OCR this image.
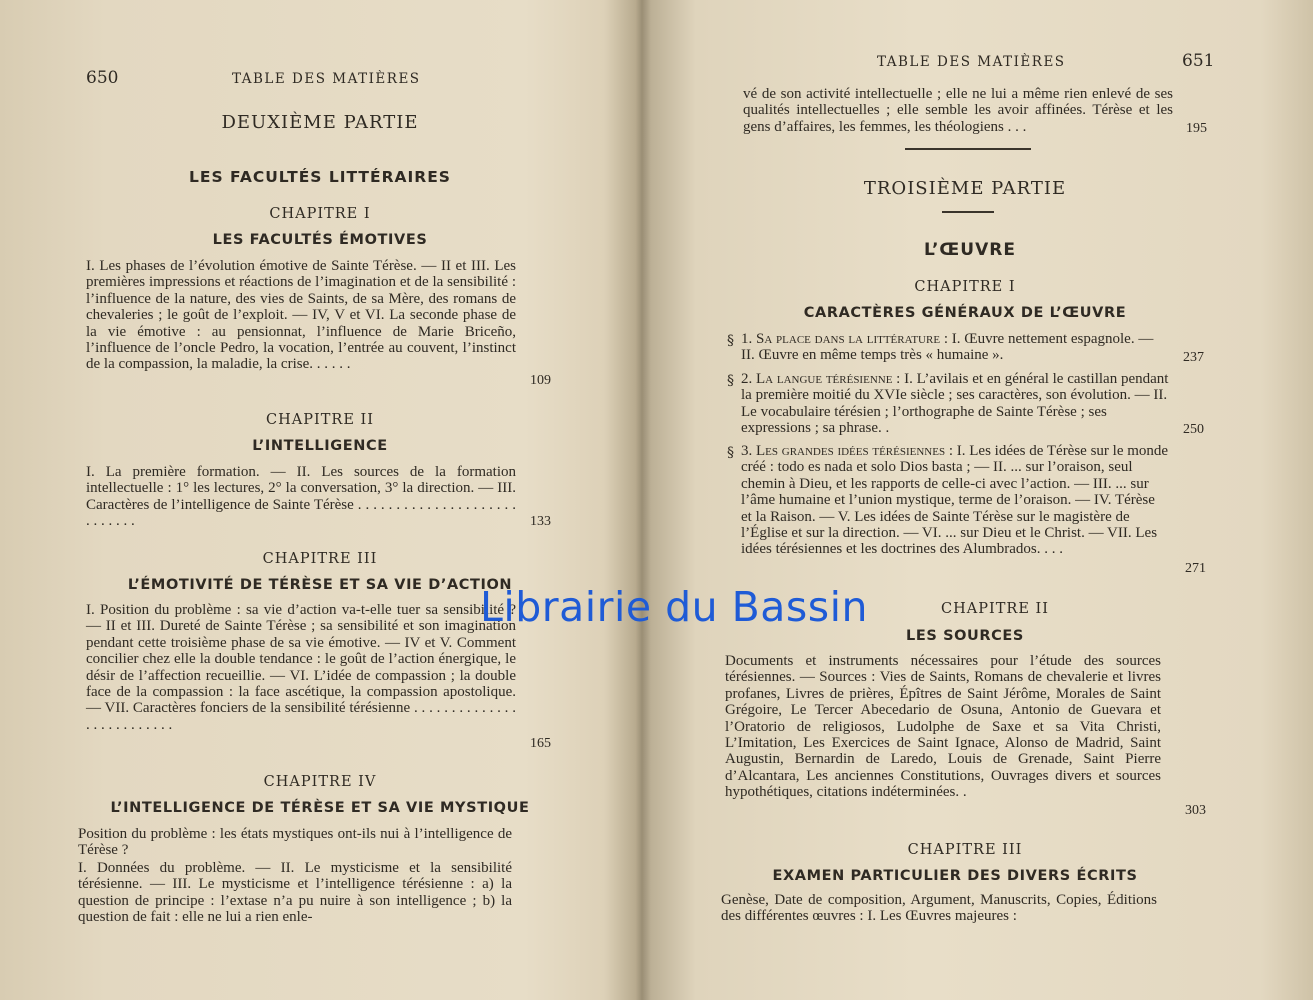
650	TABLE DES MATIÈRES
DEUXIÈME PARTIE
LES FACULTÉS LITTÉRAIRES
CHAPITRE I
LES FACULTÉS ÉMOTIVES
I. Les phases de l’évolution émotive de Sainte Térèse. — II et III. Les premières impressions et réactions de l’imagination et de la sensibilité : l’influence de la nature, des vies de Saints, de sa Mère, des romans de chevaleries ; le goût de l’exploit. — IV, V et VI. La seconde phase de la vie émotive : au pensionnat, l’influence de Marie Briceño, l’influence de l’oncle Pedro, la vocation, l’entrée au couvent, l’instinct de la compassion, la maladie, la crise. . . . . .
109
CHAPITRE II
L’INTELLIGENCE
I. La première formation. — II. Les sources de la formation intellectuelle : 1° les lectures, 2° la conversation, 3° la direction. — III. Caractères de l’intelligence de Sainte Térèse . . . . . . . . . . . . . . . . . . . . . . . . . . . .	133
CHAPITRE III
L’ÉMOTIVITÉ DE TÉRÈSE ET SA VIE D’ACTION
I. Position du problème : sa vie d’action va-t-elle tuer sa sensibilité ? — II et III. Dureté de Sainte Térèse ; sa sensibilité et son imagination pendant cette troisième phase de sa vie émotive. — IV et V. Comment concilier chez elle la double tendance : le goût de l’action énergique, le désir de l’affection recueillie. — VI. L’idée de compassion ; la double face de la compassion : la face ascétique, la compassion apostolique. — VII. Caractères fonciers de la sensibilité térésienne . . . . . . . . . . . . . . . . . . . . . . . . . .
165
CHAPITRE IV
L’INTELLIGENCE DE TÉRÈSE ET SA VIE MYSTIQUE
Position du problème : les états mystiques ont-ils nui à l’intelligence de Térèse ?
I. Données du problème. — II. Le mysticisme et la sensibilité térésienne. — III. Le mysticisme et l’intelligence térésienne : a) la question de principe : l’extase n’a pu nuire à son intelligence ; b) la question de fait : elle ne lui a rien enle-
TABLE DES MATIÈRES	651
vé de son activité intellectuelle ; elle ne lui a même rien enlevé de ses qualités intellectuelles ; elle semble les avoir affinées. Térèse et les gens d’affaires, les femmes, les théologiens . . .	195
TROISIÈME PARTIE
L’ŒUVRE
CHAPITRE I
CARACTÈRES GÉNÉRAUX DE L’ŒUVRE
§ 1. Sa place dans la littérature : I. Œuvre nettement espagnole. — II. Œuvre en même temps très « humaine ».	237
§ 2. La langue térésienne : I. L’avilais et en général le castillan pendant la première moitié du XVIe siècle ; ses caractères, son évolution. — II. Le vocabulaire térésien ; l’orthographe de Sainte Térèse ; ses expressions ; sa phrase. .	250
§ 3. Les grandes idées térésiennes : I. Les idées de Térèse sur le monde créé : todo es nada et solo Dios basta ; — II. ... sur l’oraison, seul chemin à Dieu, et les rapports de celle-ci avec l’action. — III. ... sur l’âme humaine et l’union mystique, terme de l’oraison. — IV. Térèse et la Raison. — V. Les idées de Sainte Térèse sur le magistère de l’Église et sur la direction. — VI. ... sur Dieu et le Christ. — VII. Les idées térésiennes et les doctrines des Alumbrados. . . .
271
CHAPITRE II
LES SOURCES
Documents et instruments nécessaires pour l’étude des sources térésiennes. — Sources : Vies de Saints, Romans de chevalerie et livres profanes, Livres de prières, Épîtres de Saint Jérôme, Morales de Saint Grégoire, Le Tercer Abecedario de Osuna, Antonio de Guevara et l’Oratorio de religiosos, Ludolphe de Saxe et sa Vita Christi, L’Imitation, Les Exercices de Saint Ignace, Alonso de Madrid, Saint Augustin, Bernardin de Laredo, Louis de Grenade, Saint Pierre d’Alcantara, Les anciennes Constitutions, Ouvrages divers et sources hypothétiques, citations indéterminées. .
303
CHAPITRE III
EXAMEN PARTICULIER DES DIVERS ÉCRITS
Genèse, Date de composition, Argument, Manuscrits, Copies, Éditions des différentes œuvres : I. Les Œuvres majeures :
Librairie du Bassin
